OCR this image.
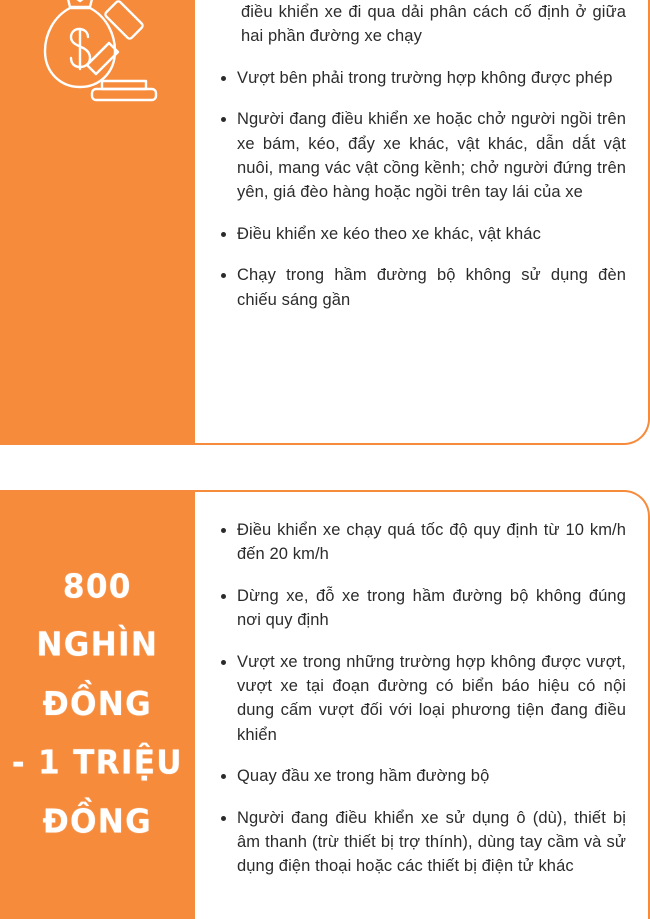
điều khiển xe đi qua dải phân cách cố định ở giữa hai phần đường xe chạy
Vượt bên phải trong trường hợp không được phép
Người đang điều khiển xe hoặc chở người ngồi trên xe bám, kéo, đẩy xe khác, vật khác, dẫn dắt vật nuôi, mang vác vật cồng kềnh; chở người đứng trên yên, giá đèo hàng hoặc ngồi trên tay lái của xe
Điều khiển xe kéo theo xe khác, vật khác
Chạy trong hầm đường bộ không sử dụng đèn chiếu sáng gần
800
NGHÌN
ĐỒNG
- 1 TRIỆU
ĐỒNG
Điều khiển xe chạy quá tốc độ quy định từ 10 km/h đến 20 km/h
Dừng xe, đỗ xe trong hầm đường bộ không đúng nơi quy định
Vượt xe trong những trường hợp không được vượt, vượt xe tại đoạn đường có biển báo hiệu có nội dung cấm vượt đối với loại phương tiện đang điều khiển
Quay đầu xe trong hầm đường bộ
Người đang điều khiển xe sử dụng ô (dù), thiết bị âm thanh (trừ thiết bị trợ thính), dùng tay cầm và sử dụng điện thoại hoặc các thiết bị điện tử khác
